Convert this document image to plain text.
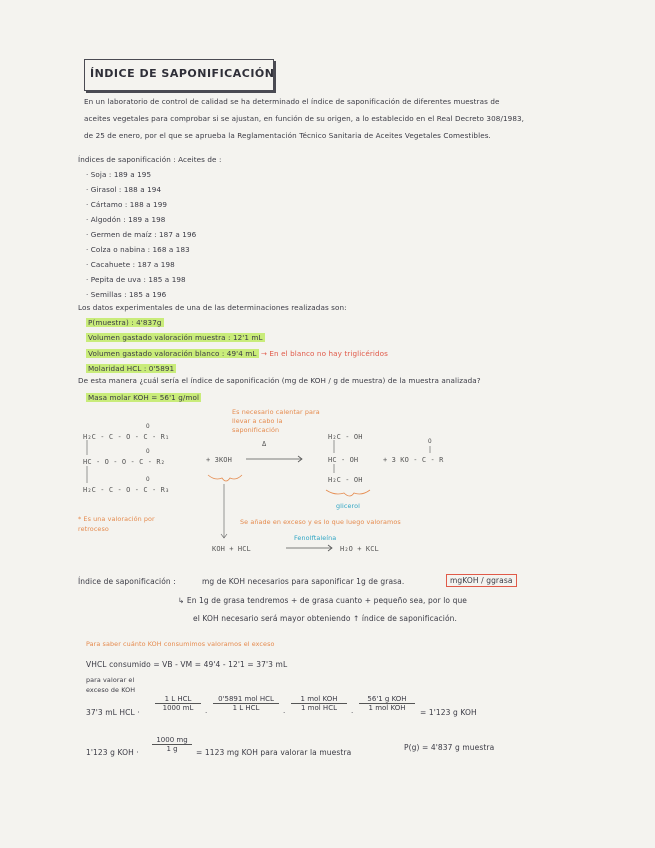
ÍNDICE DE SAPONIFICACIÓN
En un laboratorio de control de calidad se ha determinado el índice de saponificación de diferentes muestras de
aceites vegetales para comprobar si se ajustan, en función de su origen, a lo establecido en el Real Decreto 308/1983,
de 25 de enero, por el que se aprueba la Reglamentación Técnico Sanitaria de Aceites Vegetales Comestibles.
Índices de saponificación : Aceites de :
· Soja : 189 a 195
· Girasol : 188 a 194
· Cártamo : 188 a 199
· Algodón : 189 a 198
· Germen de maíz : 187 a 196
· Colza o nabina : 168 a 183
· Cacahuete : 187 a 198
· Pepita de uva : 185 a 198
· Semillas : 185 a 196
Los datos experimentales de una de las determinaciones realizadas son:
P(muestra) : 4'837g
Volumen gastado valoración muestra : 12'1 mL
Volumen gastado valoración blanco : 49'4 mL → En el blanco no hay triglicéridos
Molaridad HCL : 0'5891
De esta manera ¿cuál sería el índice de saponificación (mg de KOH / g de muestra) de la muestra analizada?
Masa molar KOH = 56'1 g/mol
Es necesario calentar para llevar a cabo la saponificación
Δ
H₂C - C - O - C - R₁
HC - O - O - C - R₂
H₂C - C - O - C - R₃
+ 3KOH
H₂C - OH
HC - OH
H₂C - OH
+ 3 KO - C - R
glicerol
* Es una valoración por retroceso
Se añade en exceso y es lo que luego valoramos
Fenolftaleína
KOH + HCL	H₂O + KCL
Índice de saponificación :	mg de KOH necesarios para saponificar 1g de grasa.	mgKOH / ggrasa
↳ En 1g de grasa tendremos + de grasa cuanto + pequeño sea, por lo que
el KOH necesario será mayor obteniendo ↑ índice de saponificación.
Para saber cuánto KOH consumimos valoramos el exceso
VHCL consumido = VB - VM = 49'4 - 12'1 = 37'3 mL
para valorar el
exceso de KOH
37'3 mL HCL ·
1 L HCL
1000 mL	·
0'5891 mol HCL
1 L HCL	·
1 mol KOH
1 mol HCL	·
56'1 g KOH
1 mol KOH	= 1'123 g KOH
1'123 g KOH · $\frac{1000 mg}{1 g} = 1123$ mg KOH para valorar la muestra
P(g) = 4'837 g muestra
O
O
O
O
